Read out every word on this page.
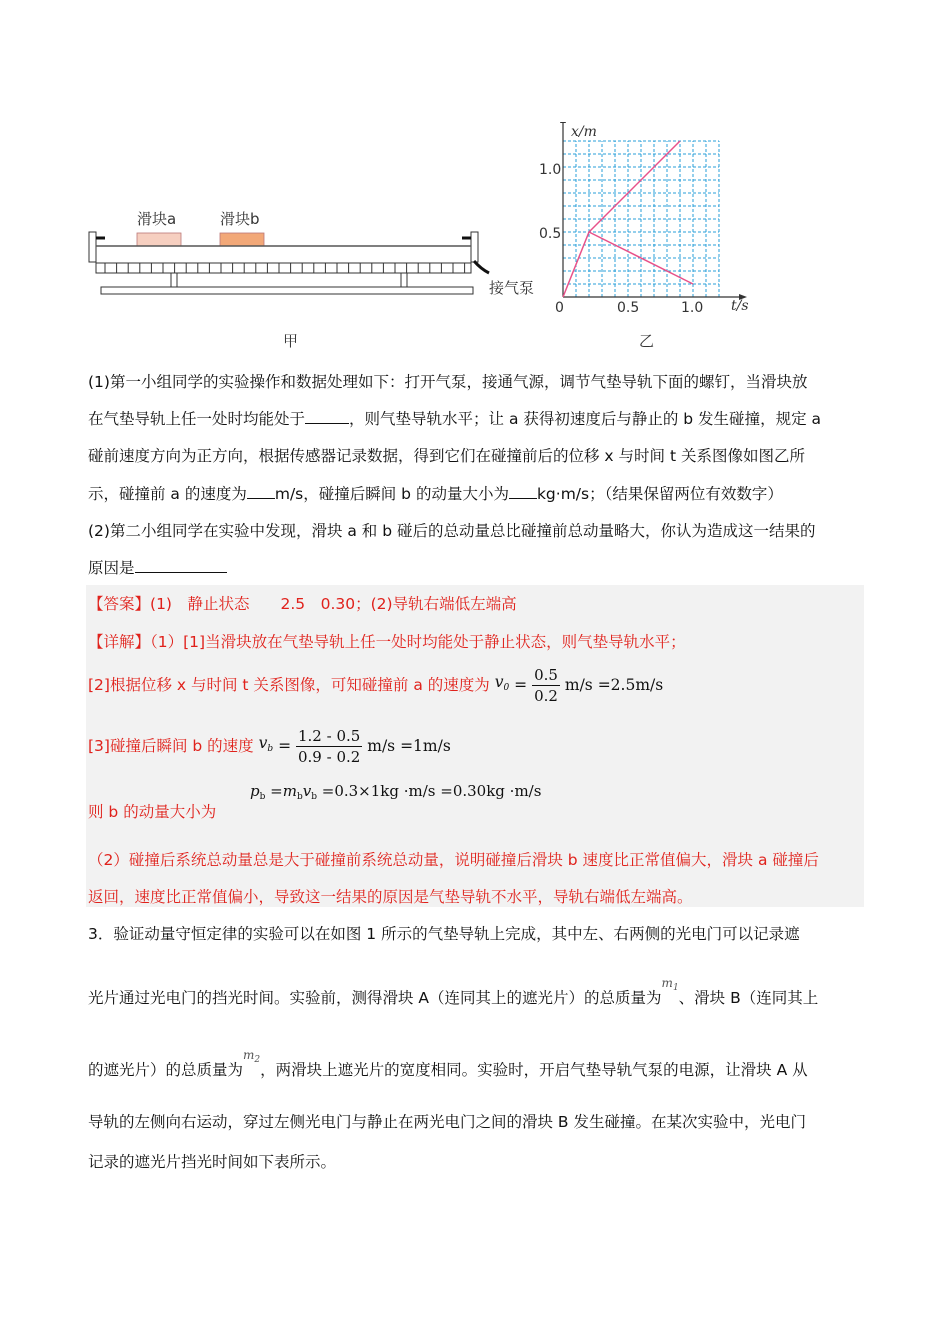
滑块a	滑块b
接气泵
甲
x/m
t/s
0	0.5	1.0
0.5
1.0
乙
(1)第一小组同学的实验操作和数据处理如下：打开气泵，接通气源，调节气垫导轨下面的螺钉，当滑块放
在气垫导轨上任一处时均能处于	，则气垫导轨水平；让 a 获得初速度后与静止的 b 发生碰撞，规定 a
碰前速度方向为正方向，根据传感器记录数据，得到它们在碰撞前后的位移 x 与时间 t 关系图像如图乙所
示，碰撞前 a 的速度为 m/s，碰撞后瞬间 b 的动量大小为 kg·m/s；（结果保留两位有效数字）
(2)第二小组同学在实验中发现，滑块 a 和 b 碰后的总动量总比碰撞前总动量略大，你认为造成这一结果的
原因是
【答案】(1)　静止状态　　2.5　0.30；(2)导轨右端低左端高
【详解】（1）[1]当滑块放在气垫导轨上任一处时均能处于静止状态，则气垫导轨水平；
[2]根据位移 x 与时间 t 关系图像，可知碰撞前 a 的速度为 $v_0 = \frac{0.5}{0.2} m/s =2.5m/s$
[3]碰撞后瞬间 b 的速度 $v_b = \frac{1.2 - 0.5}{0.9 - 0.2} m/s =1m/s$
$p_b =m_bv_b =0.3\times 1kg \cdot m/s =0.30kg \cdot m/s$
则 b 的动量大小为
（2）碰撞后系统总动量总是大于碰撞前系统总动量，说明碰撞后滑块 b 速度比正常值偏大，滑块 a 碰撞后
返回，速度比正常值偏小，导致这一结果的原因是气垫导轨不水平，导轨右端低左端高。
3．验证动量守恒定律的实验可以在如图 1 所示的气垫导轨上完成，其中左、右两侧的光电门可以记录遮
光片通过光电门的挡光时间。实验前，测得滑块 A（连同其上的遮光片）的总质量为$^{m_1}$、滑块 B（连同其上
的遮光片）的总质量为$^{m_2}$，两滑块上遮光片的宽度相同。实验时，开启气垫导轨气泵的电源，让滑块 A 从
导轨的左侧向右运动，穿过左侧光电门与静止在两光电门之间的滑块 B 发生碰撞。在某次实验中，光电门
记录的遮光片挡光时间如下表所示。
